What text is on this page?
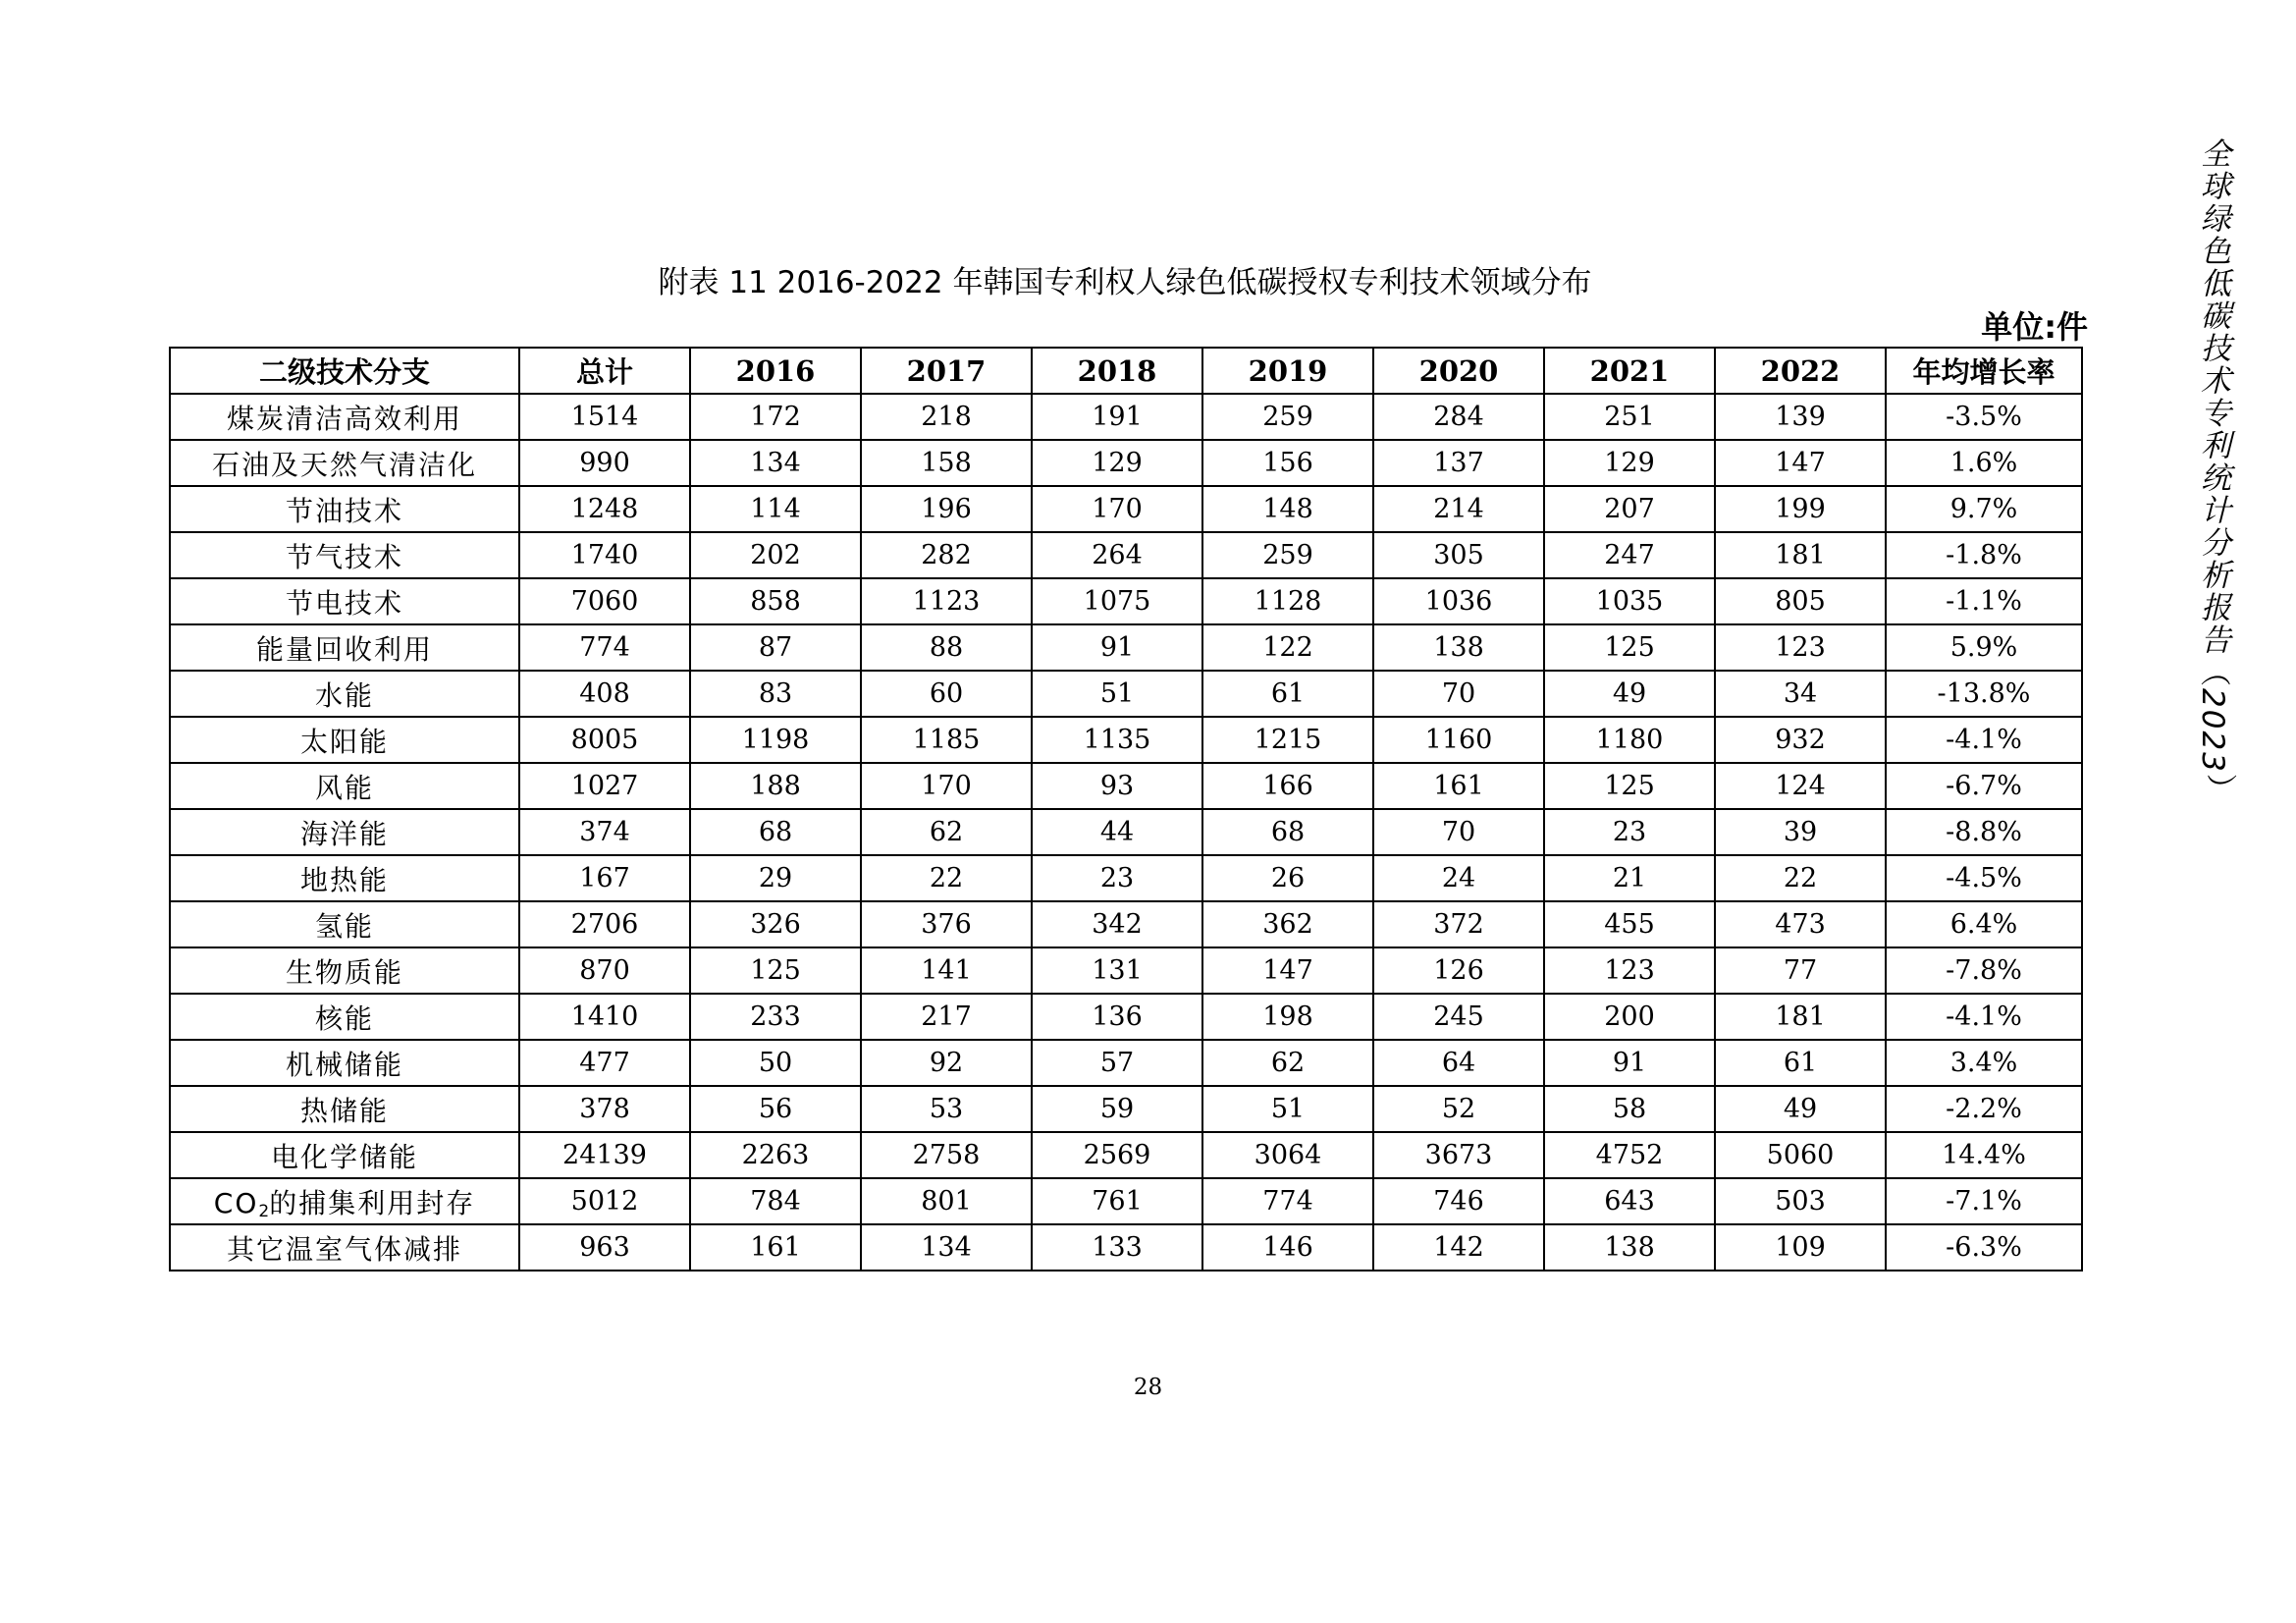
全球绿色低碳技术专利统计分析报告（2023）
附表 11 2016-2022 年韩国专利权人绿色低碳授权专利技术领域分布
单位:件
二级技术分支	总计	2016	2017	2018	2019	2020	2021	2022	年均增长率
煤炭清洁高效利用	1514	172	218	191	259	284	251	139	-3.5%
石油及天然气清洁化	990	134	158	129	156	137	129	147	1.6%
节油技术	1248	114	196	170	148	214	207	199	9.7%
节气技术	1740	202	282	264	259	305	247	181	-1.8%
节电技术	7060	858	1123	1075	1128	1036	1035	805	-1.1%
能量回收利用	774	87	88	91	122	138	125	123	5.9%
水能	408	83	60	51	61	70	49	34	-13.8%
太阳能	8005	1198	1185	1135	1215	1160	1180	932	-4.1%
风能	1027	188	170	93	166	161	125	124	-6.7%
海洋能	374	68	62	44	68	70	23	39	-8.8%
地热能	167	29	22	23	26	24	21	22	-4.5%
氢能	2706	326	376	342	362	372	455	473	6.4%
生物质能	870	125	141	131	147	126	123	77	-7.8%
核能	1410	233	217	136	198	245	200	181	-4.1%
机械储能	477	50	92	57	62	64	91	61	3.4%
热储能	378	56	53	59	51	52	58	49	-2.2%
电化学储能	24139	2263	2758	2569	3064	3673	4752	5060	14.4%
$CO_2$的捕集利用封存	5012	784	801	761	774	746	643	503	-7.1%
其它温室气体减排	963	161	134	133	146	142	138	109	-6.3%
28
